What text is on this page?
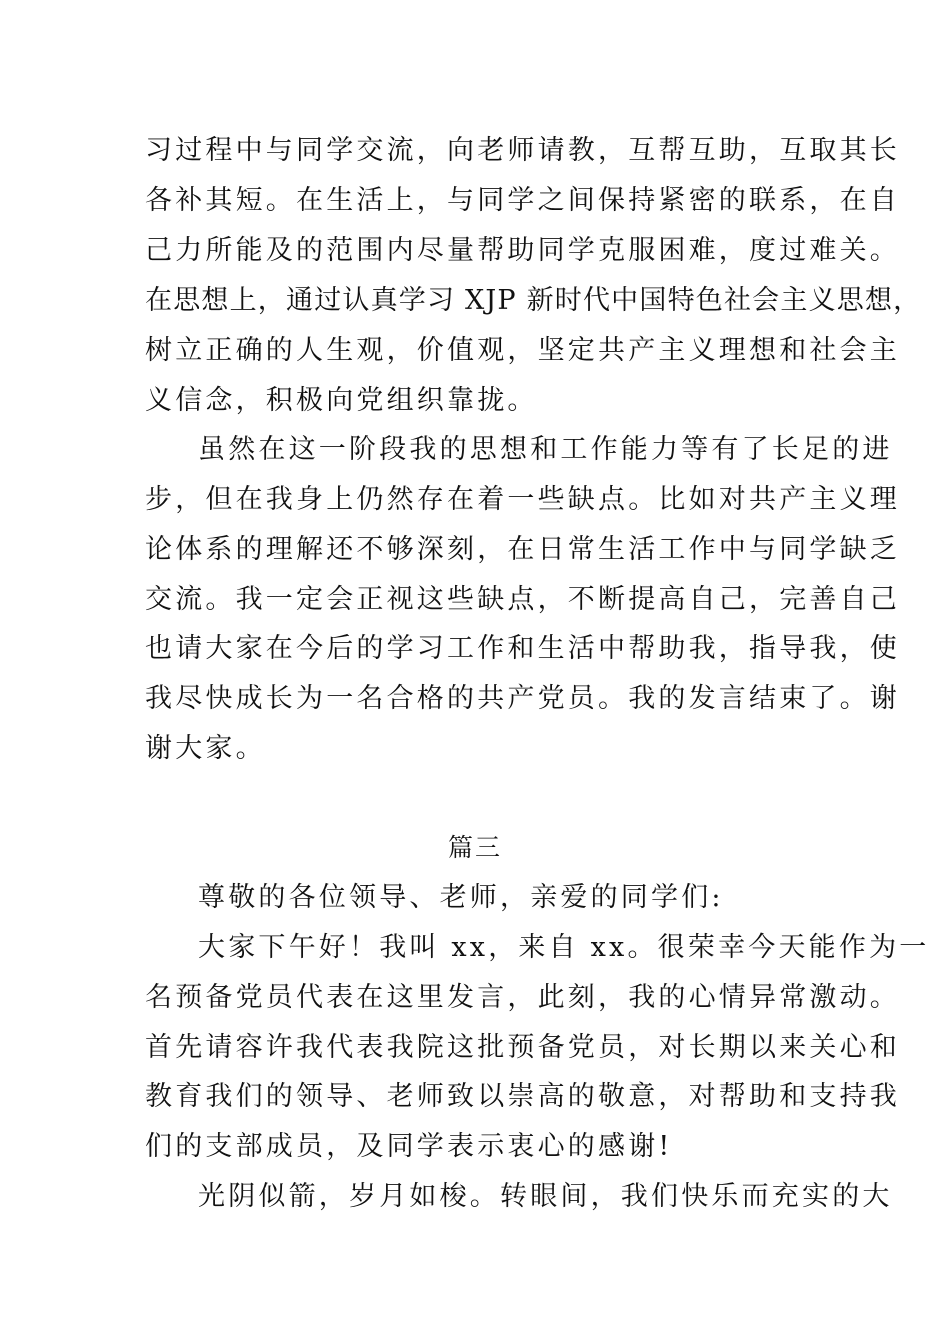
习过程中与同学交流，向老师请教，互帮互助，互取其长
各补其短。在生活上，与同学之间保持紧密的联系，在自
己力所能及的范围内尽量帮助同学克服困难，度过难关。
在思想上，通过认真学习 XJP 新时代中国特色社会主义思想，
树立正确的人生观，价值观，坚定共产主义理想和社会主
义信念，积极向党组织靠拢。
虽然在这一阶段我的思想和工作能力等有了长足的进
步，但在我身上仍然存在着一些缺点。比如对共产主义理
论体系的理解还不够深刻，在日常生活工作中与同学缺乏
交流。我一定会正视这些缺点，不断提高自己，完善自己
也请大家在今后的学习工作和生活中帮助我，指导我，使
我尽快成长为一名合格的共产党员。我的发言结束了。谢
谢大家。
篇三
尊敬的各位领导、老师，亲爱的同学们:
大家下午好！我叫 xx，来自 xx。很荣幸今天能作为一
名预备党员代表在这里发言，此刻，我的心情异常激动。
首先请容许我代表我院这批预备党员，对长期以来关心和
教育我们的领导、老师致以崇高的敬意，对帮助和支持我
们的支部成员，及同学表示衷心的感谢!
光阴似箭，岁月如梭。转眼间，我们快乐而充实的大
